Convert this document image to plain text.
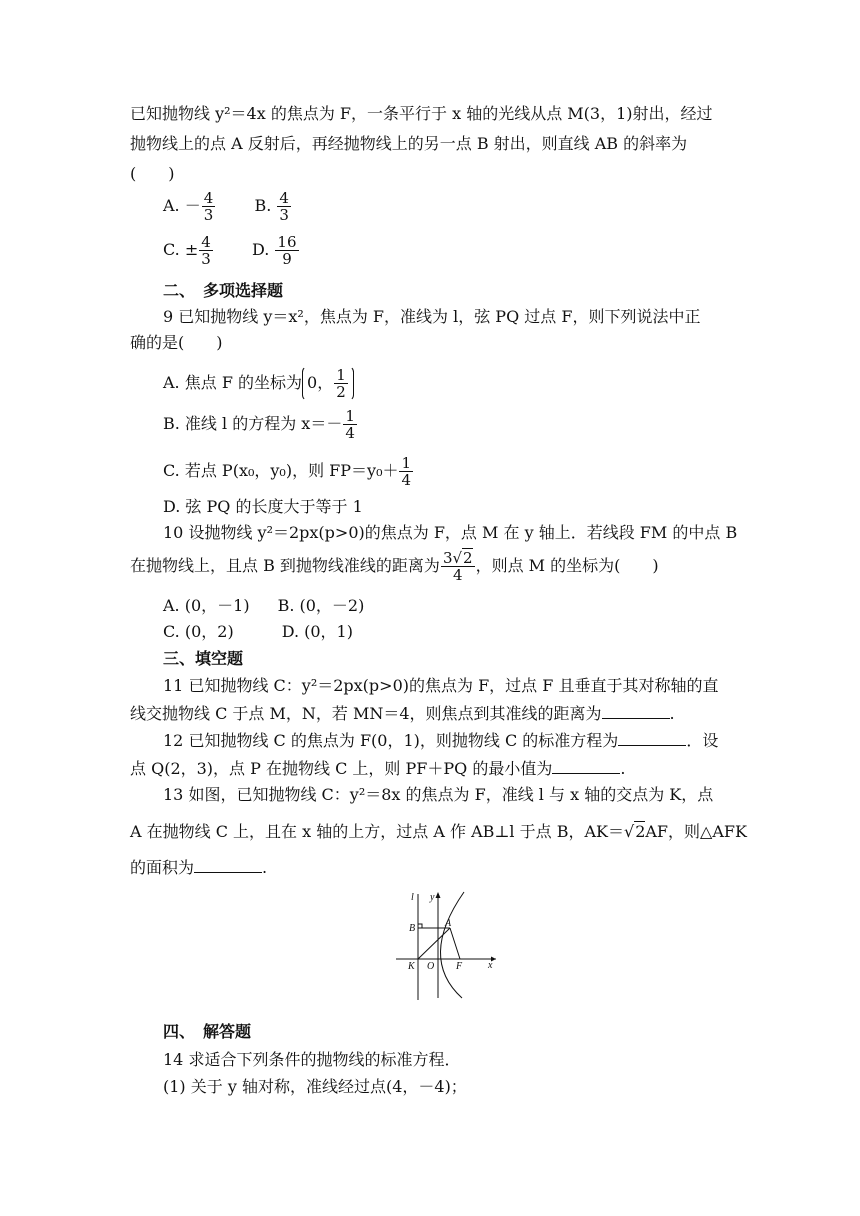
已知抛物线 y²＝4x 的焦点为 F，一条平行于 x 轴的光线从点 M(3，1)射出，经过
抛物线上的点 A 反射后，再经抛物线上的另一点 B 射出，则直线 AB 的斜率为
(　　)
A. － $\frac{4}{3} B$. $\frac{4}{3}$
C. ± $\frac{4}{3} D$. $\frac{16}{9}$
二、　多项选择题
9 已知抛物线 y＝x²，焦点为 F，准线为 l，弦 PQ 过点 F，则下列说法中正
确的是(　　)
A. 焦点 F 的坐标为 0， $\frac{1}{2}$
B. 准线 l 的方程为 $x=- \frac{1}{4}$
C. 若点 P(x₀，y₀)，则 $FP=y_0+ \frac{1}{4}$
D. 弦 PQ 的长度大于等于 1
10 设抛物线 y²＝2px(p>0)的焦点为 F，点 M 在 y 轴上．若线段 FM 的中点 B
在抛物线上，且点 B 到抛物线准线的距离为 $\frac{3√2}{4}$ ，则点 M 的坐标为(　　)
A. (0，－1) B. (0，－2)
C. (0，2)	D. (0，1)
三、填空题
11 已知抛物线 C：y²＝2px(p>0)的焦点为 F，过点 F 且垂直于其对称轴的直
线交抛物线 C 于点 M，N，若 MN＝4，则焦点到其准线的距离为	.
12 已知抛物线 C 的焦点为 F(0，1)，则抛物线 C 的标准方程为	．设
点 Q(2，3)，点 P 在抛物线 C 上，则 PF＋PQ 的最小值为	.
13 如图，已知抛物线 C：y²＝8x 的焦点为 F，准线 l 与 x 轴的交点为 K，点
A 在抛物线 C 上，且在 x 轴的上方，过点 A 作 AB⊥l 于点 B，AK＝√2AF，则△AFK
的面积为	.
l y
A
B
K O F	x
四、　解答题
14 求适合下列条件的抛物线的标准方程．
(1) 关于 y 轴对称，准线经过点(4，－4)；
